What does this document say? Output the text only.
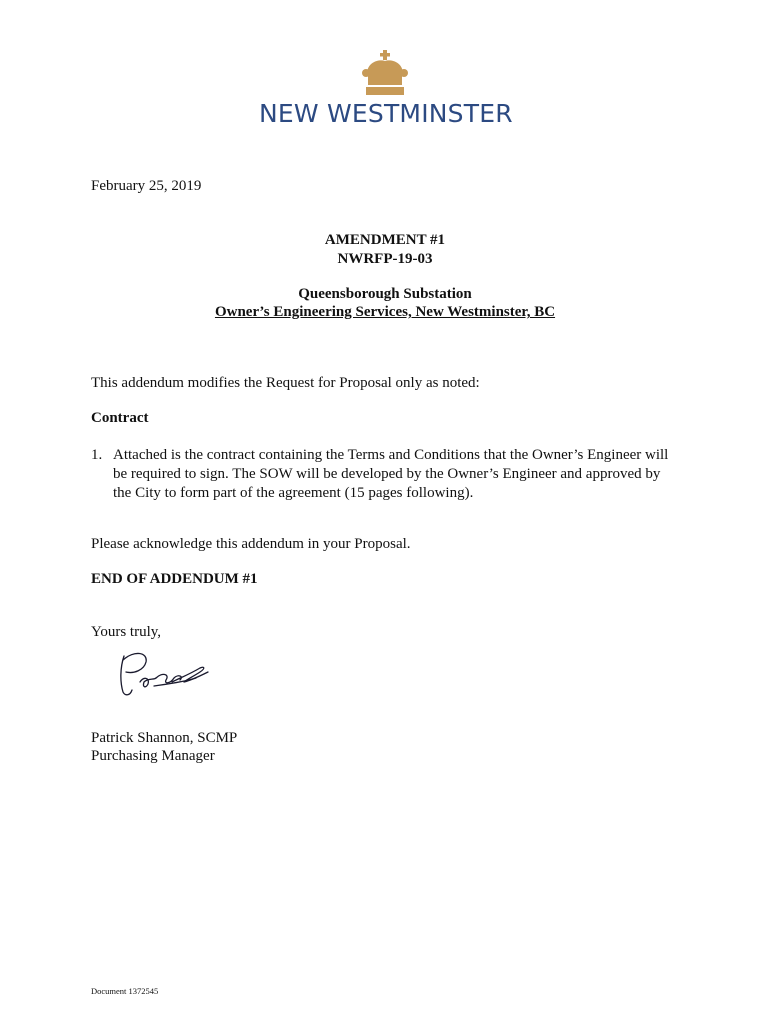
NEW WESTMINSTER
February 25, 2019
AMENDMENT #1
NWRFP-19-03
Queensborough Substation
Owner’s Engineering Services, New Westminster, BC
This addendum modifies the Request for Proposal only as noted:
Contract
1. Attached is the contract containing the Terms and Conditions that the Owner’s Engineer will
be required to sign. The SOW will be developed by the Owner’s Engineer and approved by
the City to form part of the agreement (15 pages following).
Please acknowledge this addendum in your Proposal.
END OF ADDENDUM #1
Yours truly,
Patrick Shannon, SCMP
Purchasing Manager
Document 1372545
